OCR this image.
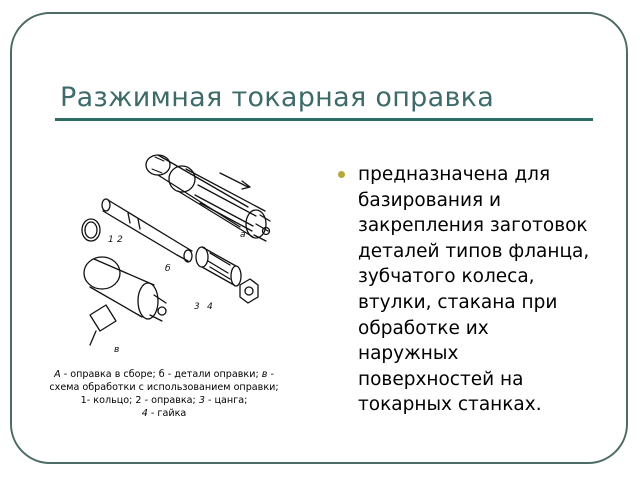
Разжимная токарная оправка
предназначена для базирования и закрепления заготовок деталей типов фланца, зубчатого колеса, втулки, стакана при обработке их наружных поверхностей на токарных станках.
а
б
в
1 2
3 4
А - оправка в сборе; б - детали оправки; в -
схема обработки с использованием оправки;
1- кольцо; 2 - оправка; 3 - цанга;
4 - гайка
